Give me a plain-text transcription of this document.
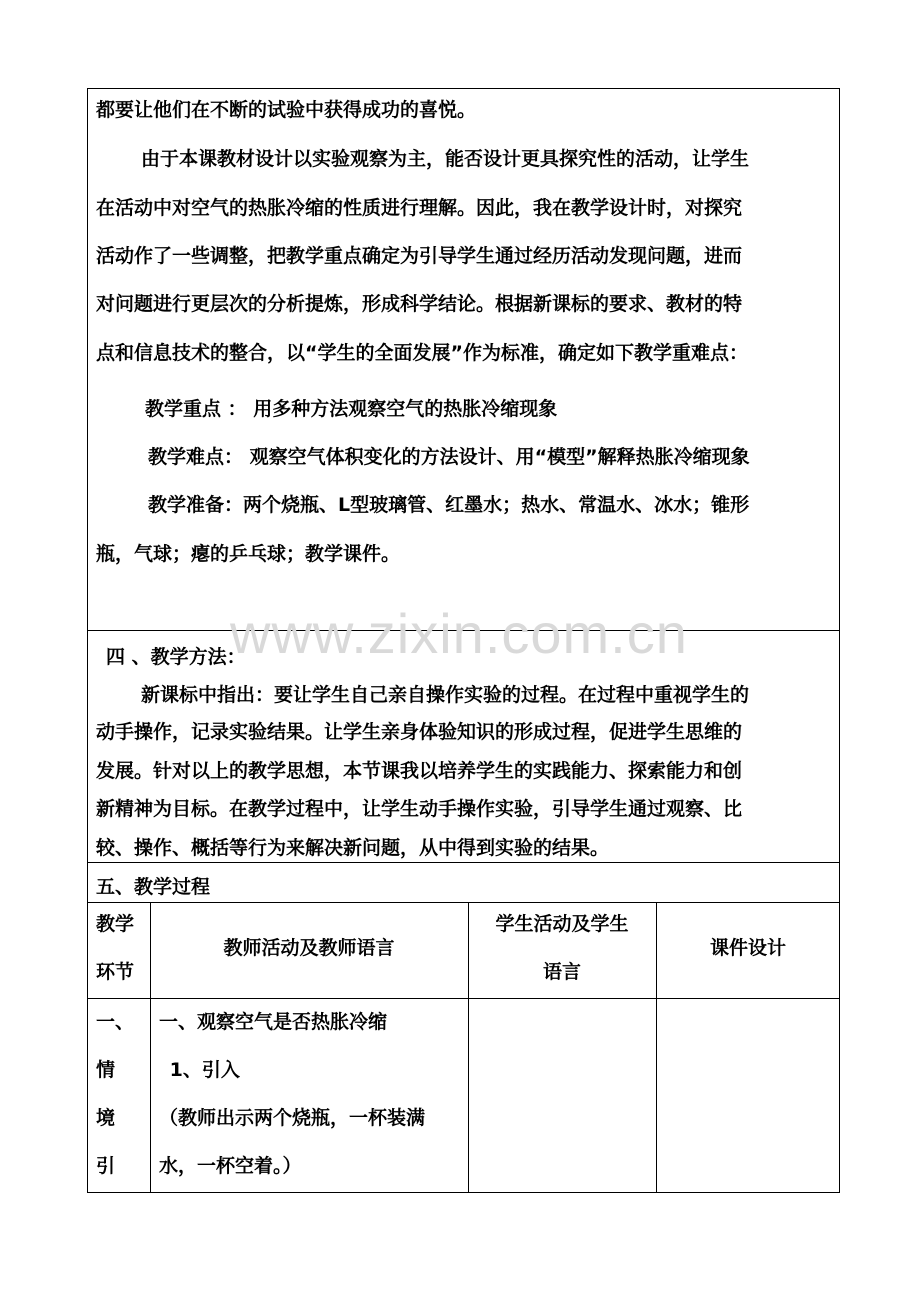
都要让他们在不断的试验中获得成功的喜悦。
由于本课教材设计以实验观察为主，能否设计更具探究性的活动，让学生
在活动中对空气的热胀冷缩的性质进行理解。因此，我在教学设计时，对探究
活动作了一些调整，把教学重点确定为引导学生通过经历活动发现问题，进而
对问题进行更层次的分析提炼，形成科学结论。根据新课标的要求、教材的特
点和信息技术的整合，以“学生的全面发展”作为标准，确定如下教学重难点：
教学重点 ： 用多种方法观察空气的热胀冷缩现象
教学难点： 观察空气体积变化的方法设计、用“模型”解释热胀冷缩现象
教学准备：两个烧瓶、L型玻璃管、红墨水；热水、常温水、冰水；锥形
瓶，气球；瘪的乒乓球；教学课件。
www.zixin.com.cn
四 、教学方法：
新课标中指出：要让学生自己亲自操作实验的过程。在过程中重视学生的
动手操作，记录实验结果。让学生亲身体验知识的形成过程，促进学生思维的
发展。针对以上的教学思想，本节课我以培养学生的实践能力、探索能力和创
新精神为目标。在教学过程中，让学生动手操作实验，引导学生通过观察、比
较、操作、概括等行为来解决新问题，从中得到实验的结果。
五、教学过程
教师活动及教师语言
教学
环节
学生活动及学生
语言
课件设计
一、
情
境
引
一、观察空气是否热胀冷缩
1、引入
（教师出示两个烧瓶，一杯装满
水，一杯空着。）
